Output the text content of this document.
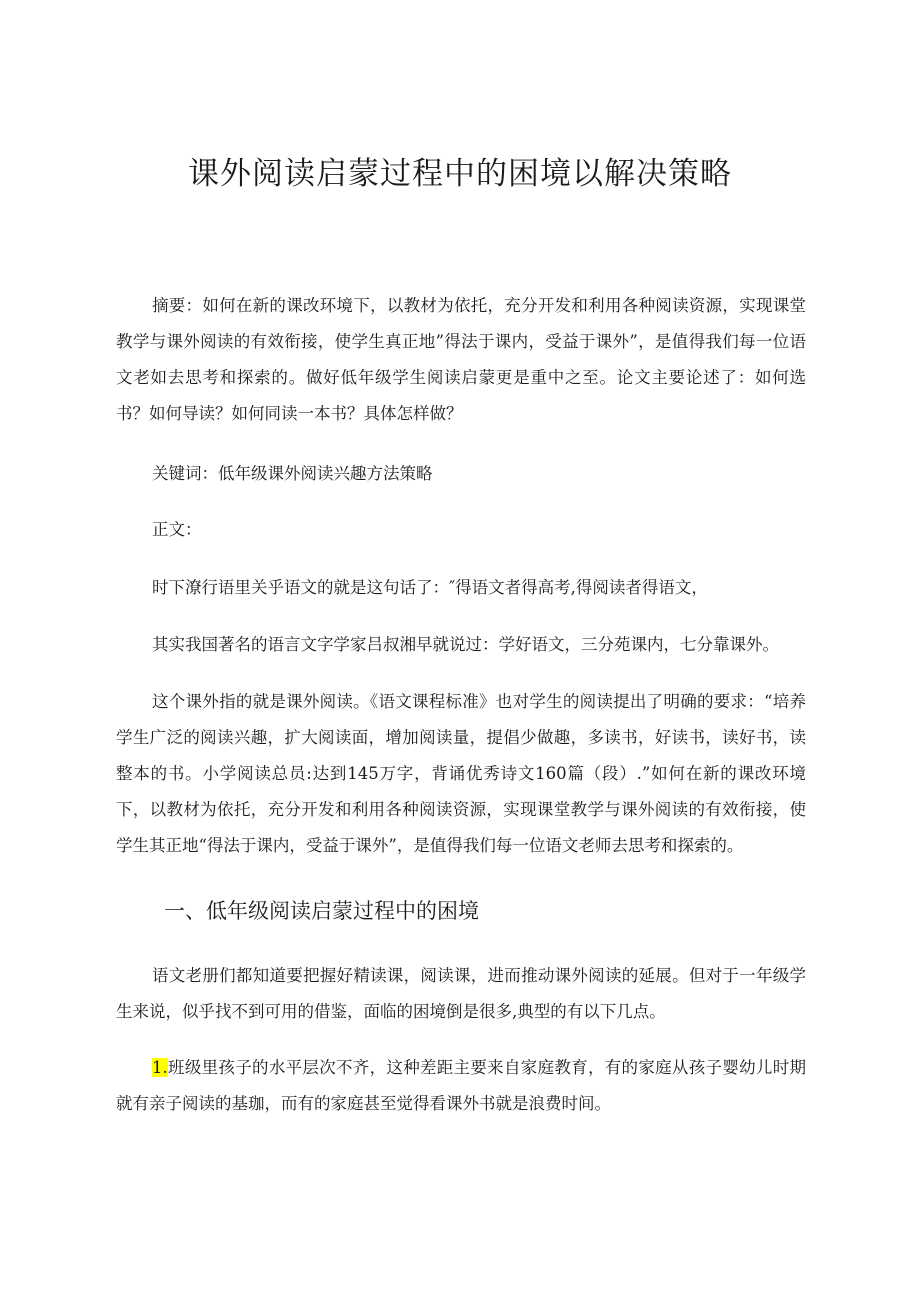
课外阅读启蒙过程中的困境以解决策略

摘要：如何在新的课改环境下，以教材为依托，充分开发和利用各种阅读资源，实现课堂教学与课外阅读的有效衔接，使学生真正地”得法于课内，受益于课外”，是值得我们每一位语文老如去思考和探索的。做好低年级学生阅读启蒙更是重中之至。论文主要论述了：如何选书？如何导读？如何同读一本书？具体怎样做？

关键词：低年级课外阅读兴趣方法策略

正文：

时下潦行语里关乎语文的就是这句话了：″得语文者得高考,得阅读者得语文，

其实我国著名的语言文字学家吕叔湘早就说过：学好语文，三分苑课内，七分靠课外。

这个课外指的就是课外阅读。《语文课程标准》也对学生的阅读提出了明确的要求：“培养学生广泛的阅读兴趣，扩大阅读面，增加阅读量，提倡少做趣，多读书，好读书，读好书，读整本的书。小学阅读总员:达到145万字，背诵优秀诗文160篇（段）.”如何在新的课改环境下，以教材为依托，充分开发和利用各种阅读资源，实现课堂教学与课外阅读的有效衔接，使学生其正地“得法于课内，受益于课外”，是值得我们每一位语文老师去思考和探索的。

一、低年级阅读启蒙过程中的困境

语文老册们都知道要把握好精读课，阅读课，进而推动课外阅读的延展。但对于一年级学生来说，似乎找不到可用的借鉴，面临的困境倒是很多,典型的有以下几点。

1.班级里孩子的水平层次不齐，这种差距主要来自家庭教育，有的家庭从孩子婴幼儿时期就有亲子阅读的基珈，而有的家庭甚至觉得看课外书就是浪费时间。
